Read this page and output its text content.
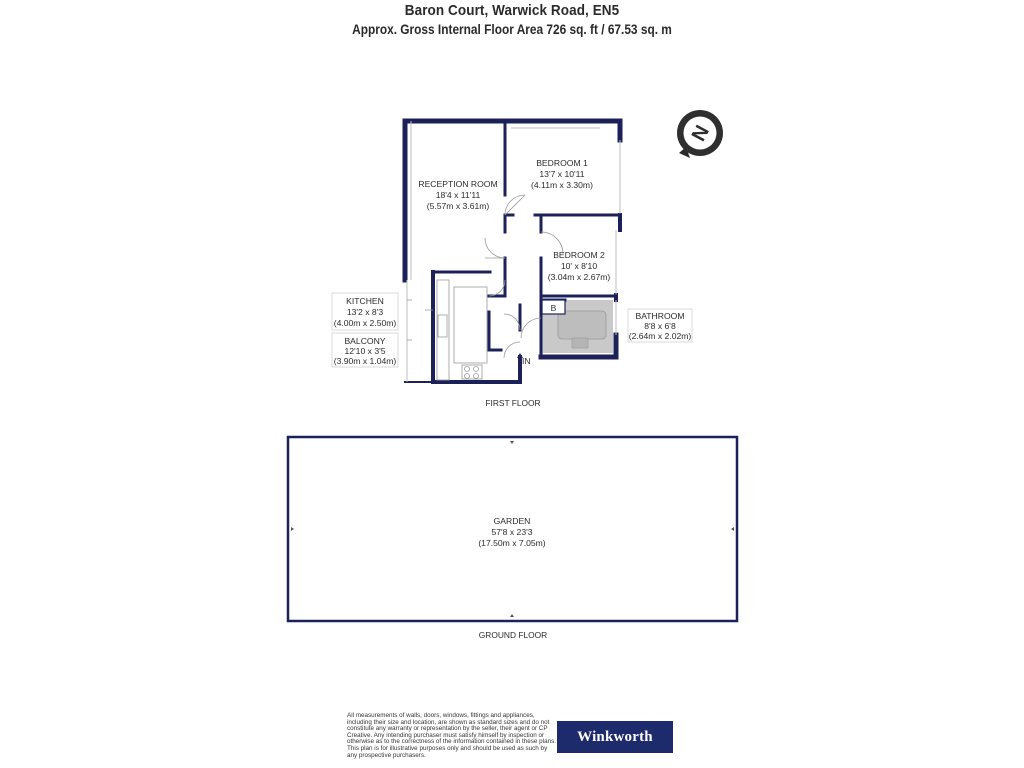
Baron Court, Warwick Road, EN5
Approx. Gross Internal Floor Area 726 sq. ft / 67.53 sq. m
B
IN
RECEPTION ROOM
18'4 x 11'11
(5.57m x 3.61m)
BEDROOM 1
13'7 x 10'11
(4.11m x 3.30m)
BEDROOM 2
10' x 8'10
(3.04m x 2.67m)
KITCHEN
13'2 x 8'3
(4.00m x 2.50m)
BALCONY
12'10 x 3'5
(3.90m x 1.04m)
BATHROOM
8'8 x 6'8
(2.64m x 2.02m)
FIRST FLOOR
N
GARDEN
57'8 x 23'3
(17.50m x 7.05m)
GROUND FLOOR
All measurements of walls, doors, windows, fittings and appliances, including their size and location, are shown as standard sizes and do not constitute any warranty or representation by the seller, their agent or CP Creative. Any intending purchaser must satisfy himself by inspection or otherwise as to the correctness of the information contained in these plans. This plan is for illustrative purposes only and should be used as such by any prospective purchasers.
Winkworth
